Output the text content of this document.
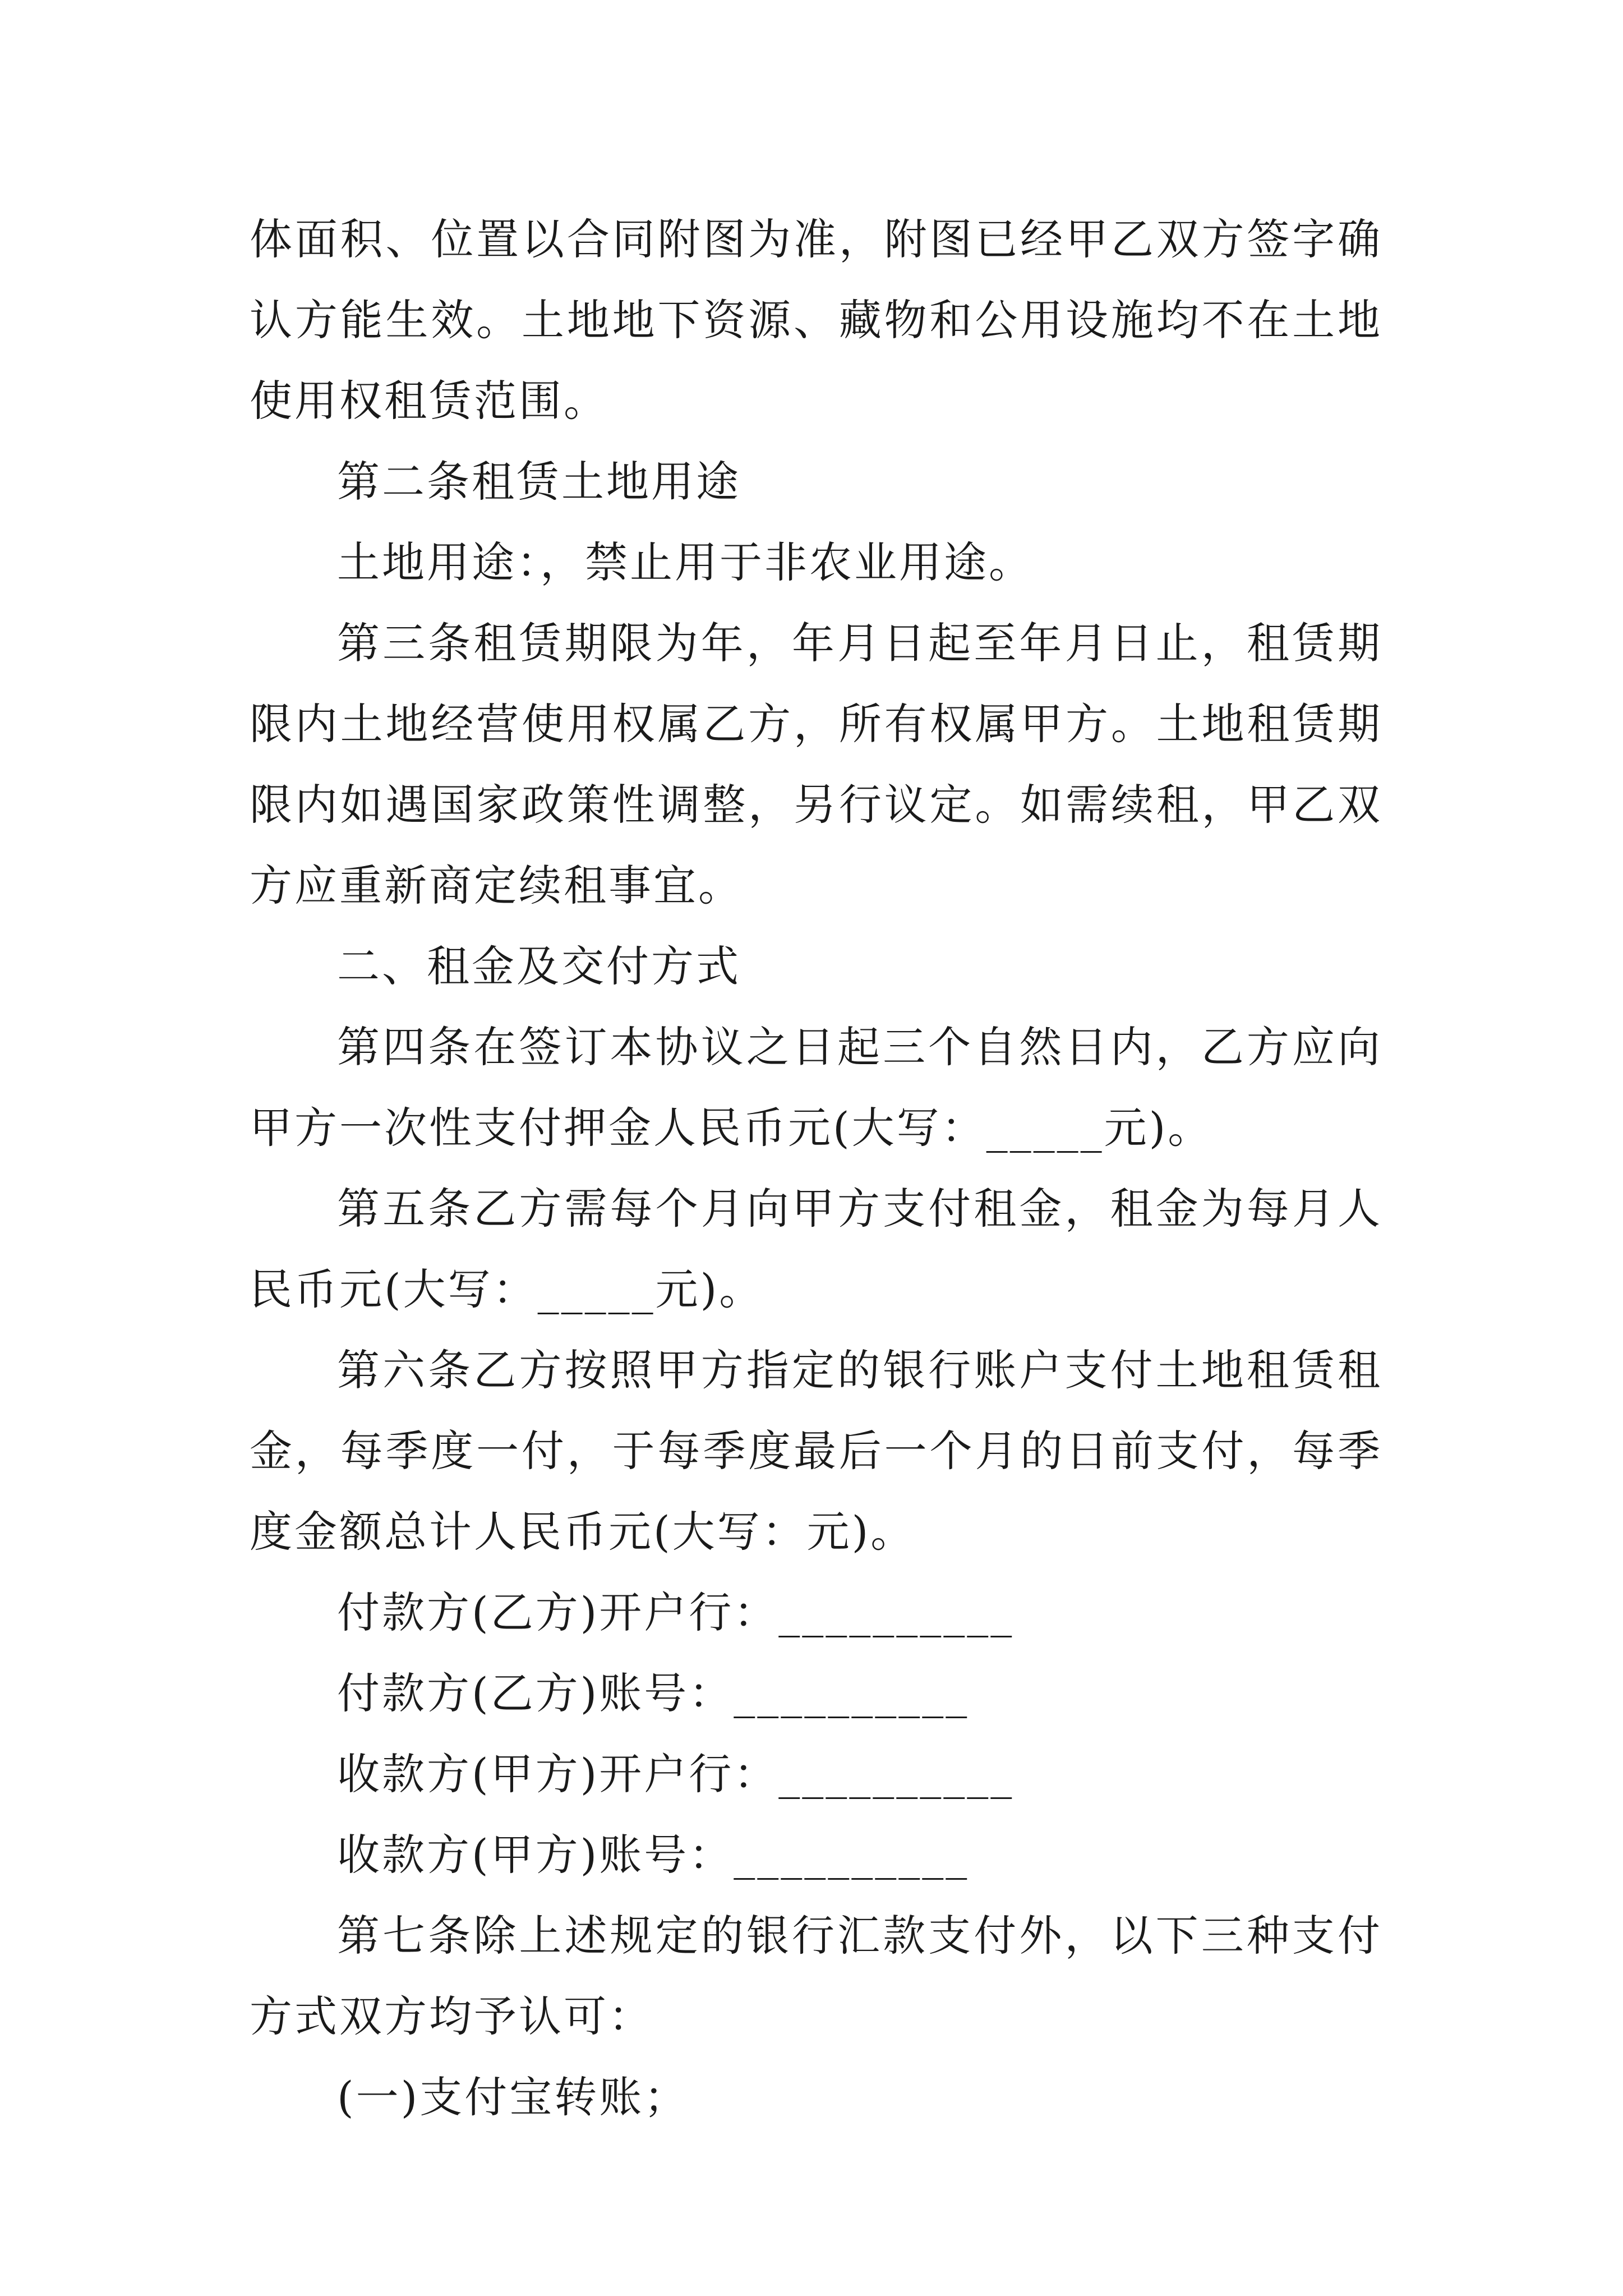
体面积、位置以合同附图为准，附图已经甲乙双方签字确认方能生效。土地地下资源、藏物和公用设施均不在土地使用权租赁范围。

第二条租赁土地用途

土地用途：，禁止用于非农业用途。

第三条租赁期限为年，年月日起至年月日止，租赁期限内土地经营使用权属乙方，所有权属甲方。土地租赁期限内如遇国家政策性调整，另行议定。如需续租，甲乙双方应重新商定续租事宜。

二、租金及交付方式

第四条在签订本协议之日起三个自然日内，乙方应向甲方一次性支付押金人民币元(大写：_____元)。

第五条乙方需每个月向甲方支付租金，租金为每月人民币元(大写：_____元)。

第六条乙方按照甲方指定的银行账户支付土地租赁租金，每季度一付，于每季度最后一个月的日前支付，每季度金额总计人民币元(大写：元)。

付款方(乙方)开户行：__________

付款方(乙方)账号：__________

收款方(甲方)开户行：__________

收款方(甲方)账号：__________

第七条除上述规定的银行汇款支付外，以下三种支付方式双方均予认可：

(一)支付宝转账；
